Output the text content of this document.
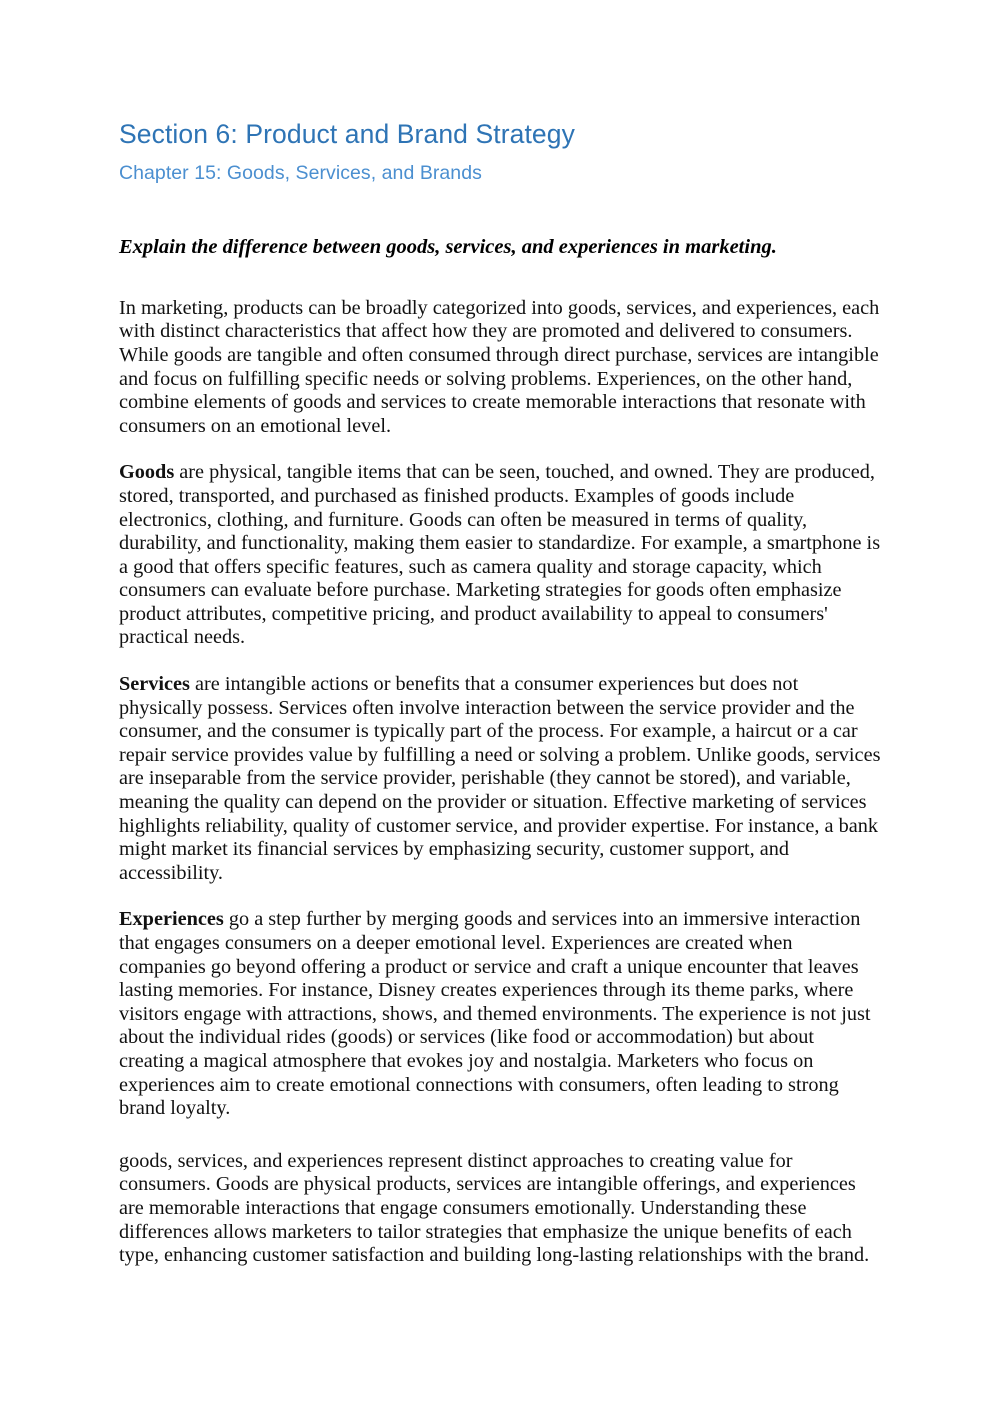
Section 6: Product and Brand Strategy
Chapter 15: Goods, Services, and Brands

Explain the difference between goods, services, and experiences in marketing.

In marketing, products can be broadly categorized into goods, services, and experiences, each with distinct characteristics that affect how they are promoted and delivered to consumers. While goods are tangible and often consumed through direct purchase, services are intangible and focus on fulfilling specific needs or solving problems. Experiences, on the other hand, combine elements of goods and services to create memorable interactions that resonate with consumers on an emotional level.

Goods are physical, tangible items that can be seen, touched, and owned. They are produced, stored, transported, and purchased as finished products. Examples of goods include electronics, clothing, and furniture. Goods can often be measured in terms of quality, durability, and functionality, making them easier to standardize. For example, a smartphone is a good that offers specific features, such as camera quality and storage capacity, which consumers can evaluate before purchase. Marketing strategies for goods often emphasize product attributes, competitive pricing, and product availability to appeal to consumers' practical needs.

Services are intangible actions or benefits that a consumer experiences but does not physically possess. Services often involve interaction between the service provider and the consumer, and the consumer is typically part of the process. For example, a haircut or a car repair service provides value by fulfilling a need or solving a problem. Unlike goods, services are inseparable from the service provider, perishable (they cannot be stored), and variable, meaning the quality can depend on the provider or situation. Effective marketing of services highlights reliability, quality of customer service, and provider expertise. For instance, a bank might market its financial services by emphasizing security, customer support, and accessibility.

Experiences go a step further by merging goods and services into an immersive interaction that engages consumers on a deeper emotional level. Experiences are created when companies go beyond offering a product or service and craft a unique encounter that leaves lasting memories. For instance, Disney creates experiences through its theme parks, where visitors engage with attractions, shows, and themed environments. The experience is not just about the individual rides (goods) or services (like food or accommodation) but about creating a magical atmosphere that evokes joy and nostalgia. Marketers who focus on experiences aim to create emotional connections with consumers, often leading to strong brand loyalty.

goods, services, and experiences represent distinct approaches to creating value for consumers. Goods are physical products, services are intangible offerings, and experiences are memorable interactions that engage consumers emotionally. Understanding these differences allows marketers to tailor strategies that emphasize the unique benefits of each type, enhancing customer satisfaction and building long-lasting relationships with the brand.
